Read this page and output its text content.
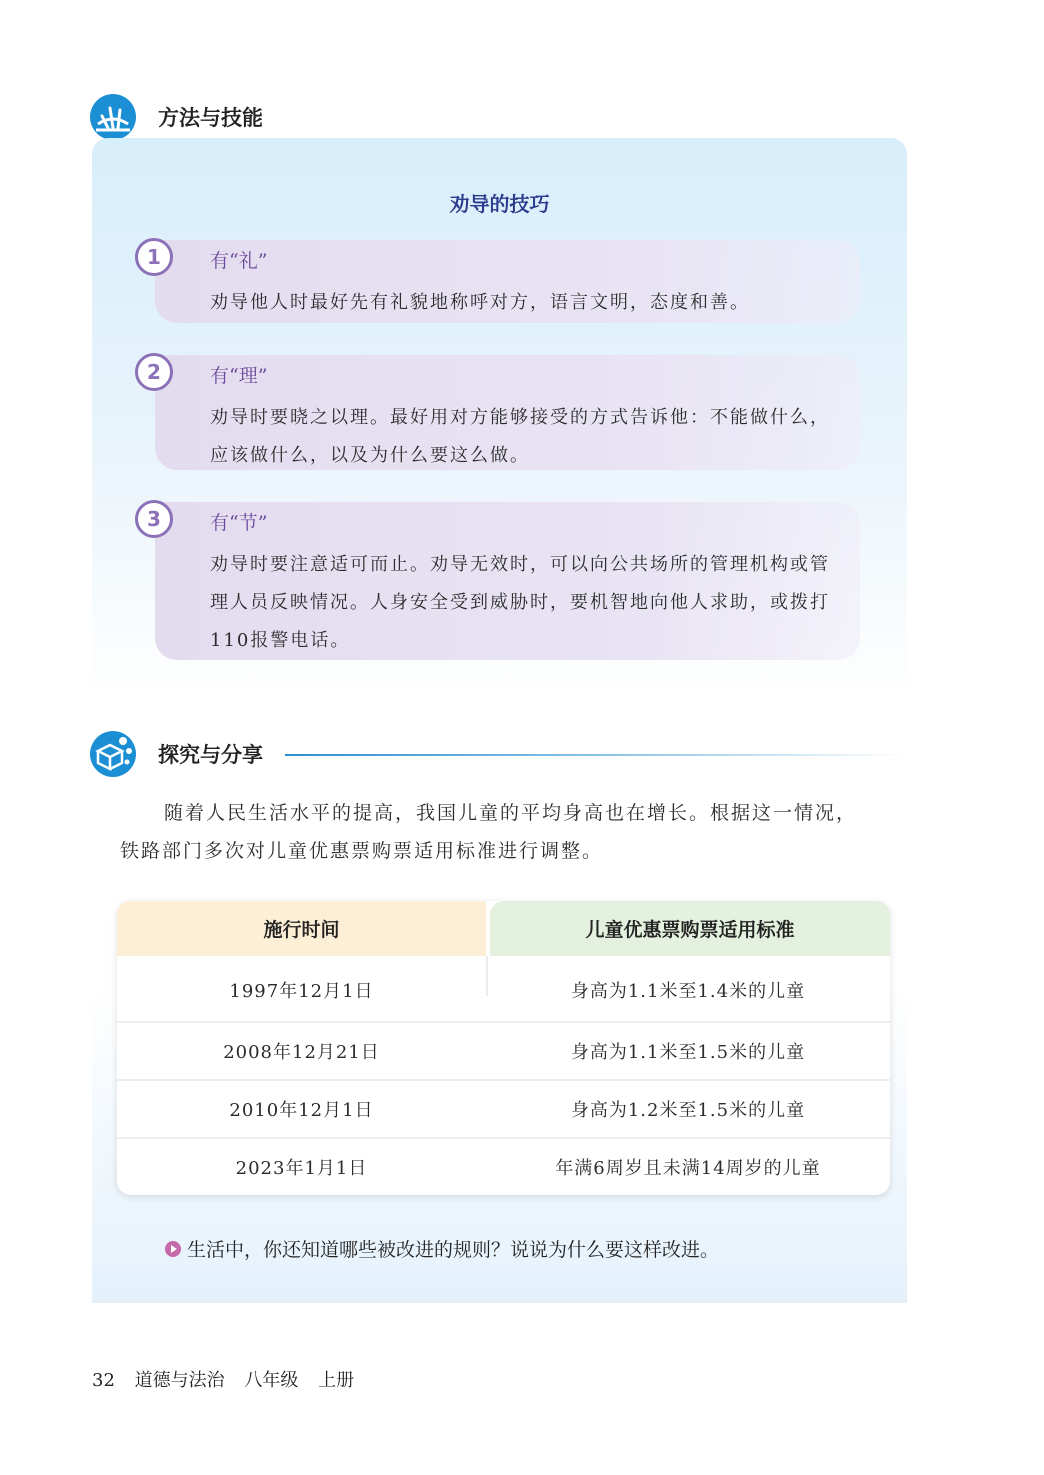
方法与技能
劝导的技巧
1	有“礼”
劝导他人时最好先有礼貌地称呼对方，语言文明，态度和善。
2	有“理”
劝导时要晓之以理。最好用对方能够接受的方式告诉他：不能做什么，应该做什么，以及为什么要这么做。
3	有“节”
劝导时要注意适可而止。劝导无效时，可以向公共场所的管理机构或管理人员反映情况。人身安全受到威胁时，要机智地向他人求助，或拨打110报警电话。
探究与分享

随着人民生活水平的提高，我国儿童的平均身高也在增长。根据这一情况，

铁路部门多次对儿童优惠票购票适用标准进行调整。

施行时间	儿童优惠票购票适用标准
1997年12月1日	身高为1.1米至1.4米的儿童
2008年12月21日	身高为1.1米至1.5米的儿童
2010年12月1日	身高为1.2米至1.5米的儿童
2023年1月1日	年满6周岁且未满14周岁的儿童
生活中，你还知道哪些被改进的规则？说说为什么要这样改进。
32 道德与法治 八年级 上册
